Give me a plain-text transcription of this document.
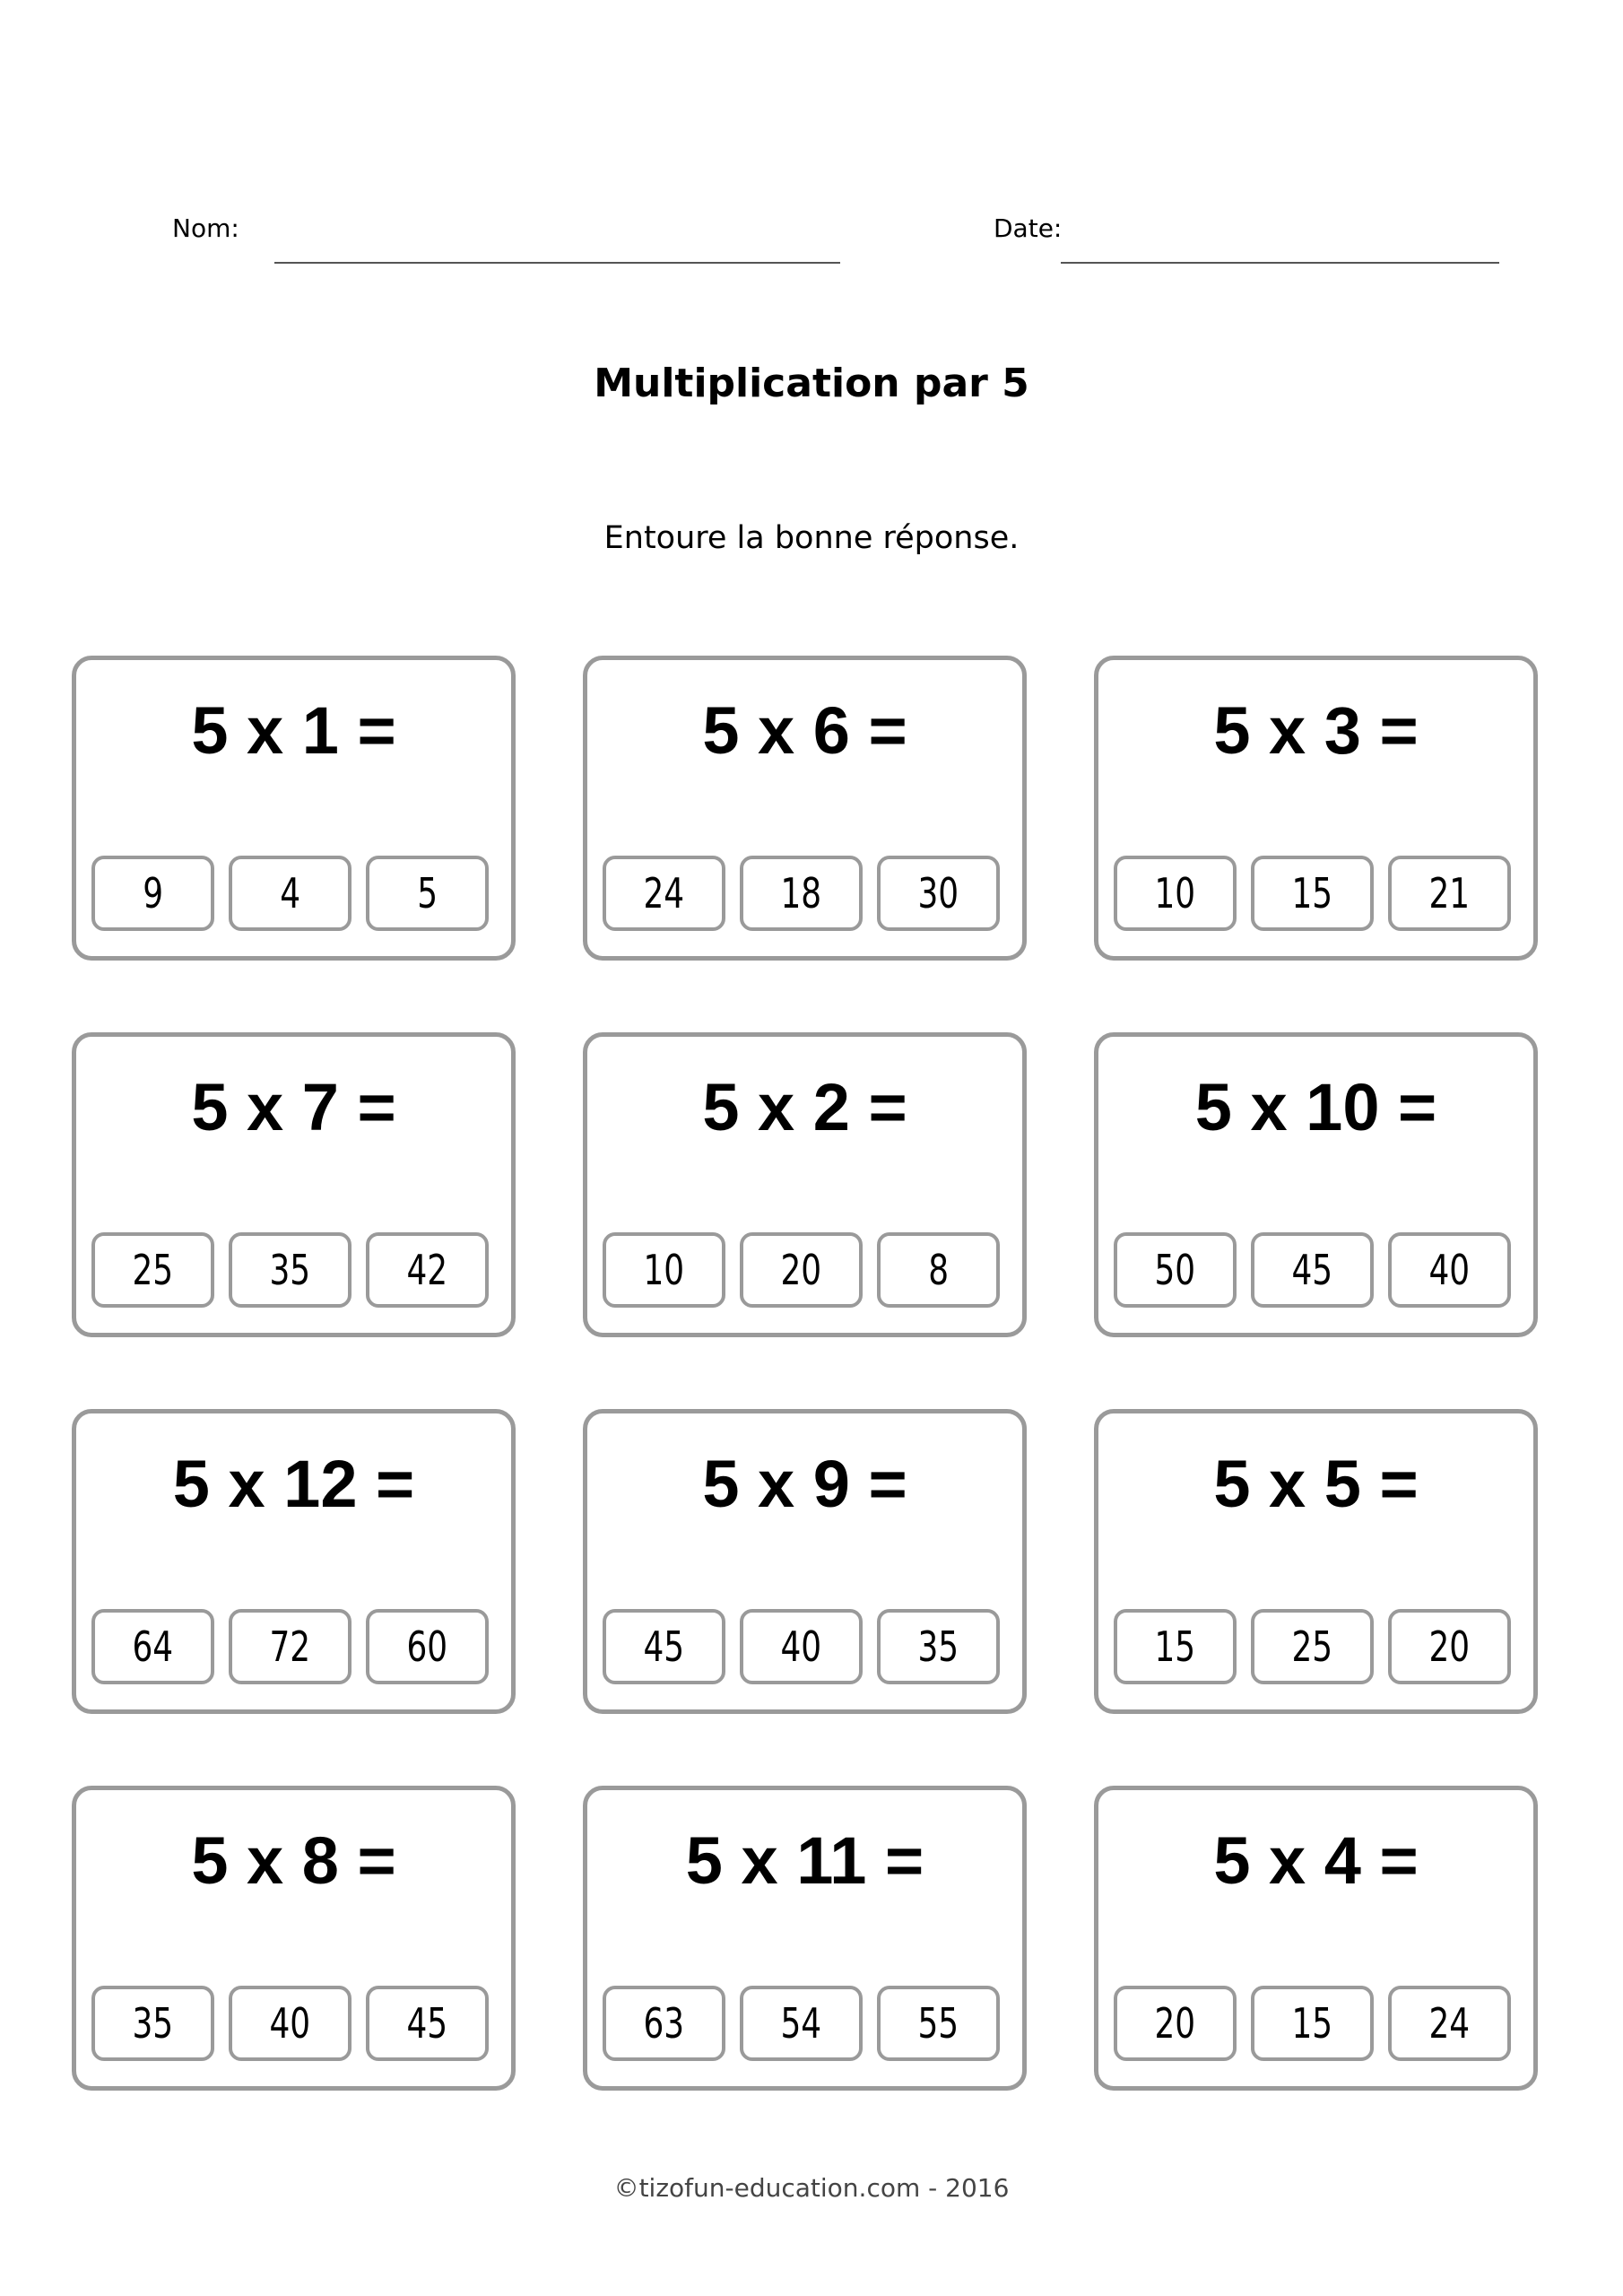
Nom:	Date:
Multiplication par 5
Entoure la bonne réponse.
5 x 1 =
9	4	5
5 x 6 =
24 18 30
5 x 3 =
10 15 21
5 x 7 =
25 35 42
5 x 2 =
10 20	8
5 x 10 =
50 45 40
5 x 12 =
64 72 60
5 x 9 =
45 40 35
5 x 5 =
15 25 20
5 x 8 =
35 40 45
5 x 11 =
63 54 55
5 x 4 =
20 15 24
©tizofun-education.com - 2016
